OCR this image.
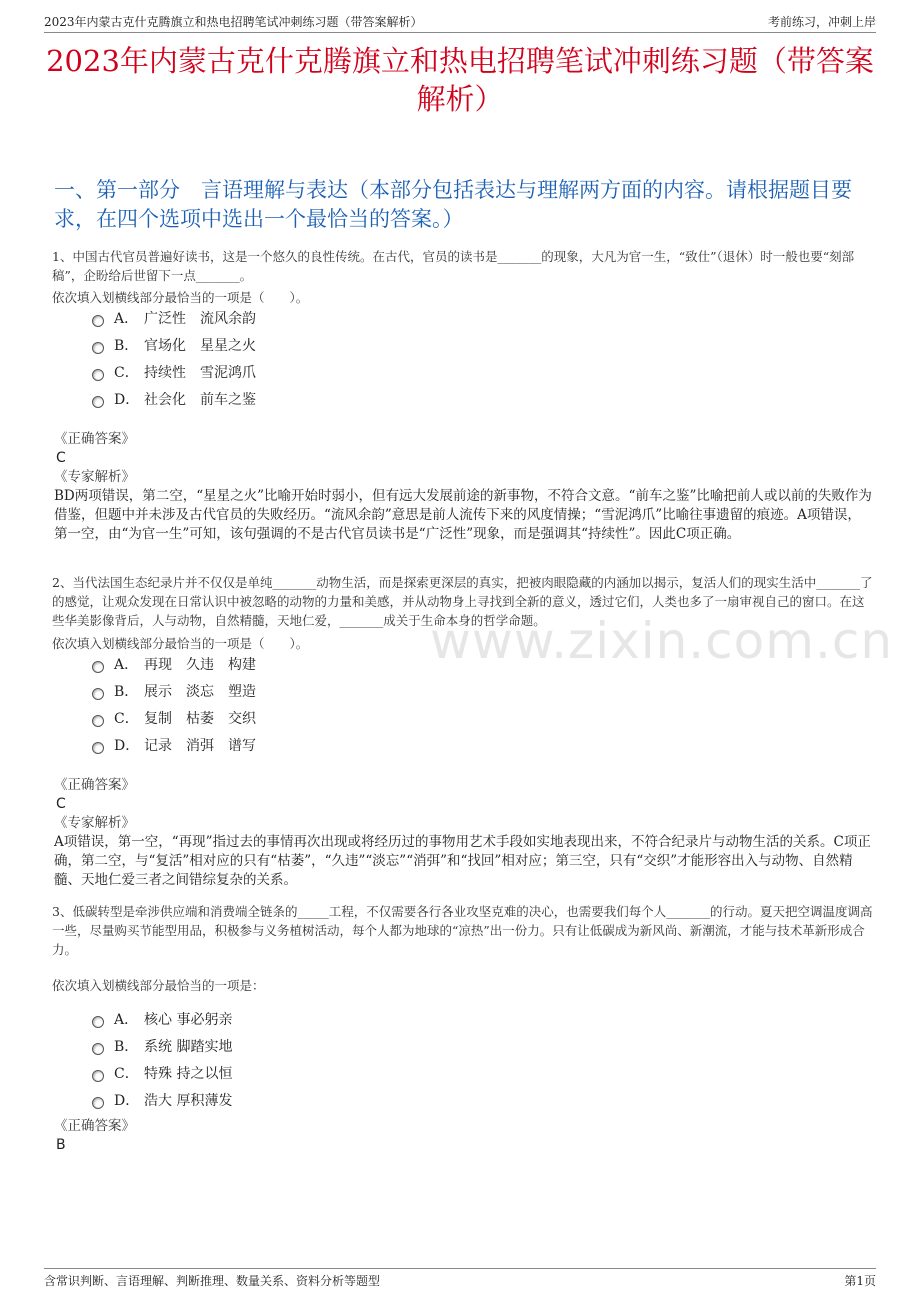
2023年内蒙古克什克腾旗立和热电招聘笔试冲刺练习题（带答案解析）	考前练习，冲刺上岸
2023年内蒙古克什克腾旗立和热电招聘笔试冲刺练习题（带答案解析）
一、第一部分　言语理解与表达（本部分包括表达与理解两方面的内容。请根据题目要求，在四个选项中选出一个最恰当的答案。）
www.zixin.com.cn
1、中国古代官员普遍好读书，这是一个悠久的良性传统。在古代，官员的读书是_______的现象，大凡为官一生，“致仕”（退休）时一般也要“刻部稿”，企盼给后世留下一点_______。
依次填入划横线部分最恰当的一项是（　　）。
A． 广泛性　流风余韵
B． 官场化　星星之火
C． 持续性　雪泥鸿爪
D． 社会化　前车之鉴
《正确答案》
C
《专家解析》
BD两项错误，第二空，“星星之火”比喻开始时弱小，但有远大发展前途的新事物，不符合文意。“前车之鉴”比喻把前人或以前的失败作为借鉴，但题中并未涉及古代官员的失败经历。“流风余韵”意思是前人流传下来的风度情操；“雪泥鸿爪”比喻往事遗留的痕迹。A项错误，第一空，由“为官一生”可知，该句强调的不是古代官员读书是“广泛性”现象，而是强调其“持续性”。因此C项正确。
2、当代法国生态纪录片并不仅仅是单纯_______动物生活，而是探索更深层的真实，把被肉眼隐藏的内涵加以揭示，复活人们的现实生活中_______了的感觉，让观众发现在日常认识中被忽略的动物的力量和美感，并从动物身上寻找到全新的意义，透过它们，人类也多了一扇审视自己的窗口。在这些华美影像背后，人与动物，自然精髓，天地仁爱，_______成关于生命本身的哲学命题。
依次填入划横线部分最恰当的一项是（　　）。
A． 再现　久违　构建
B． 展示　淡忘　塑造
C． 复制　枯萎　交织
D． 记录　消弭　谱写
《正确答案》
C
《专家解析》
A项错误，第一空，“再现”指过去的事情再次出现或将经历过的事物用艺术手段如实地表现出来，不符合纪录片与动物生活的关系。C项正确，第二空，与“复活”相对应的只有“枯萎”，“久违”“淡忘”“消弭”和“找回”相对应；第三空，只有“交织”才能形容出入与动物、自然精髓、天地仁爱三者之间错综复杂的关系。
3、低碳转型是牵涉供应端和消费端全链条的_____工程，不仅需要各行各业攻坚克难的决心，也需要我们每个人_______的行动。夏天把空调温度调高一些，尽量购买节能型用品，积极参与义务植树活动，每个人都为地球的“凉热”出一份力。只有让低碳成为新风尚、新潮流，才能与技术革新形成合力。
依次填入划横线部分最恰当的一项是：
A． 核心 事必躬亲
B． 系统 脚踏实地
C． 特殊 持之以恒
D． 浩大 厚积薄发
《正确答案》
B
含常识判断、言语理解、判断推理、数量关系、资料分析等题型	第1页
